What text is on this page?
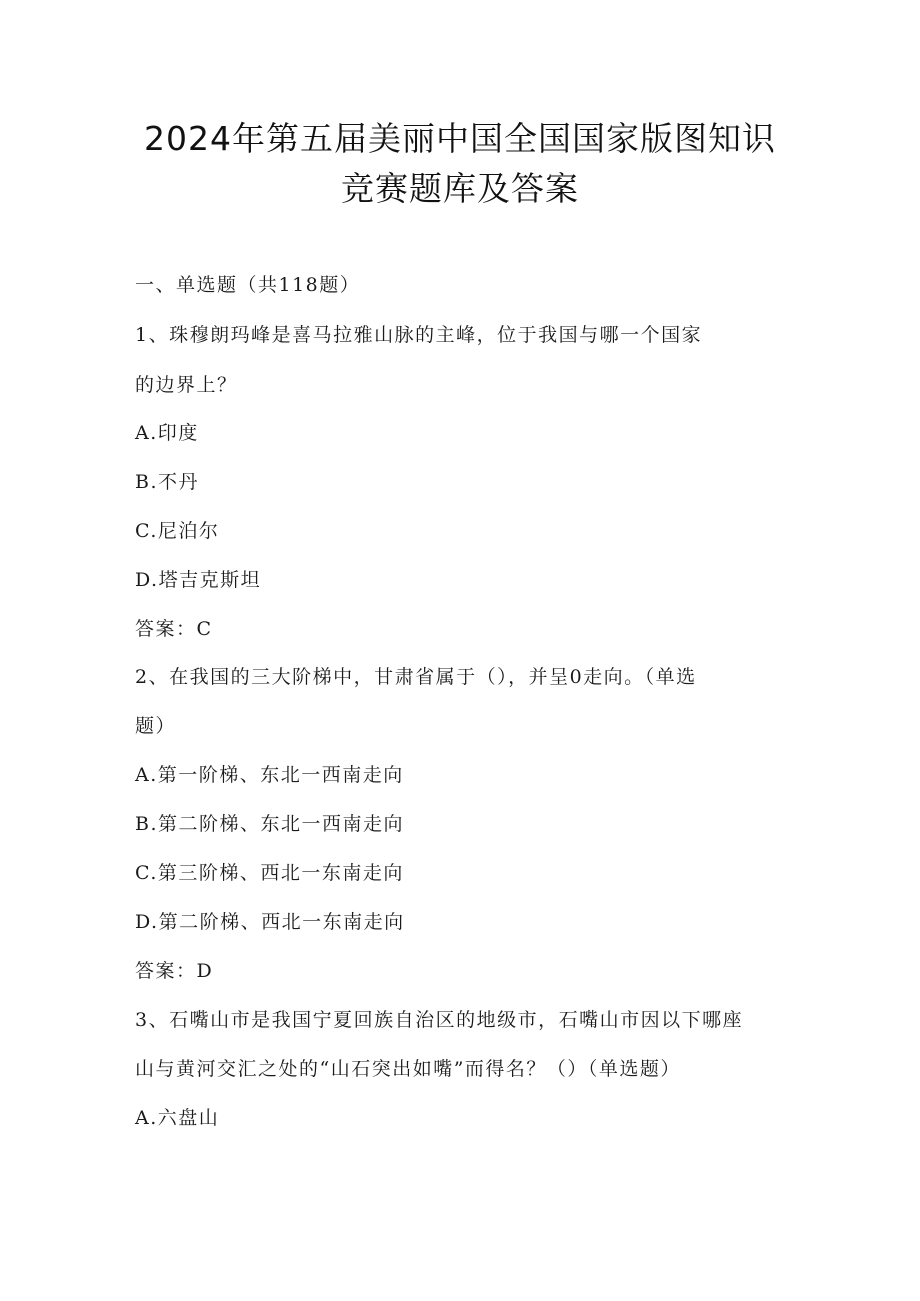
2024年第五届美丽中国全国国家版图知识
竞赛题库及答案
一、单选题（共118题）
1、珠穆朗玛峰是喜马拉雅山脉的主峰，位于我国与哪一个国家
的边界上？
A.印度
B.不丹
C.尼泊尔
D.塔吉克斯坦
答案：C
2、在我国的三大阶梯中，甘肃省属于（），并呈0走向。（单选
题）
A.第一阶梯、东北一西南走向
B.第二阶梯、东北一西南走向
C.第三阶梯、西北一东南走向
D.第二阶梯、西北一东南走向
答案：D
3、石嘴山市是我国宁夏回族自治区的地级市，石嘴山市因以下哪座
山与黄河交汇之处的“山石突出如嘴”而得名？（）（单选题）
A.六盘山
